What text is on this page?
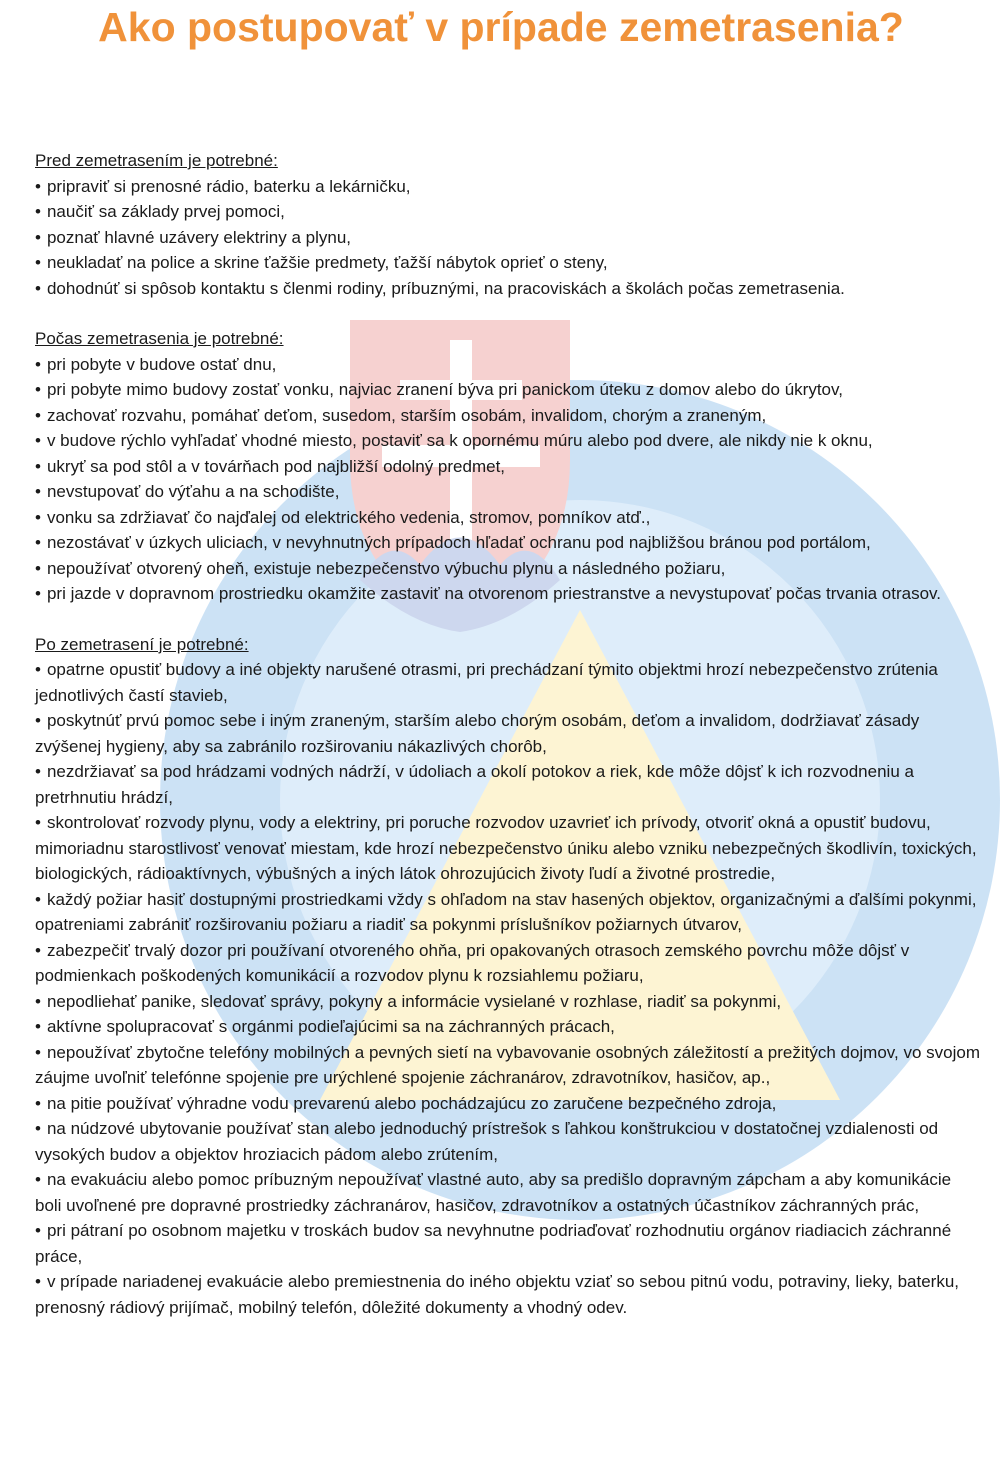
Ako postupovať v prípade zemetrasenia?

Pred zemetrasením je potrebné:

• pripraviť si prenosné rádio, baterku a lekárničku,
• naučiť sa základy prvej pomoci,
• poznať hlavné uzávery elektriny a plynu,
• neukladať na police a skrine ťažšie predmety, ťažší nábytok oprieť o steny,
• dohodnúť si spôsob kontaktu s členmi rodiny, príbuznými, na pracoviskách a školách počas zemetrasenia.

Počas zemetrasenia je potrebné:

• pri pobyte v budove ostať dnu,
• pri pobyte mimo budovy zostať vonku, najviac zranení býva pri panickom úteku z domov alebo do úkrytov,
• zachovať rozvahu, pomáhať deťom, susedom, starším osobám, invalidom, chorým a zraneným,
• v budove rýchlo vyhľadať vhodné miesto, postaviť sa k opornému múru alebo pod dvere, ale nikdy nie k oknu,
• ukryť sa pod stôl a v továrňach pod najbližší odolný predmet,
• nevstupovať do výťahu a na schodište,
• vonku sa zdržiavať čo najďalej od elektrického vedenia, stromov, pomníkov atď.,
• nezostávať v úzkych uliciach, v nevyhnutných prípadoch hľadať ochranu pod najbližšou bránou pod portálom,
• nepoužívať otvorený oheň, existuje nebezpečenstvo výbuchu plynu a následného požiaru,
• pri jazde v dopravnom prostriedku okamžite zastaviť na otvorenom priestranstve a nevystupovať počas trvania otrasov.

Po zemetrasení je potrebné:

• opatrne opustiť budovy a iné objekty narušené otrasmi, pri prechádzaní týmito objektmi hrozí nebezpečenstvo zrútenia jednotlivých častí stavieb,
• poskytnúť prvú pomoc sebe i iným zraneným, starším alebo chorým osobám, deťom a invalidom, dodržiavať zásady zvýšenej hygieny, aby sa zabránilo rozširovaniu nákazlivých chorôb,
• nezdržiavať sa pod hrádzami vodných nádrží, v údoliach a okolí potokov a riek, kde môže dôjsť k ich rozvodneniu a pretrhnutiu hrádzí,
• skontrolovať rozvody plynu, vody a elektriny, pri poruche rozvodov uzavrieť ich prívody, otvoriť okná a opustiť budovu, mimoriadnu starostlivosť venovať miestam, kde hrozí nebezpečenstvo úniku alebo vzniku nebezpečných škodlivín, toxických, biologických, rádioaktívnych, výbušných a iných látok ohrozujúcich životy ľudí a životné prostredie,
• každý požiar hasiť dostupnými prostriedkami vždy s ohľadom na stav hasených objektov, organizačnými a ďalšími pokynmi, opatreniami zabrániť rozširovaniu požiaru a riadiť sa pokynmi príslušníkov požiarnych útvarov,
• zabezpečiť trvalý dozor pri používaní otvoreného ohňa, pri opakovaných otrasoch zemského povrchu môže dôjsť v podmienkach poškodených komunikácií a rozvodov plynu k rozsiahlemu požiaru,
• nepodliehať panike, sledovať správy, pokyny a informácie vysielané v rozhlase, riadiť sa pokynmi,
• aktívne spolupracovať s orgánmi podieľajúcimi sa na záchranných prácach,
• nepoužívať zbytočne telefóny mobilných a pevných sietí na vybavovanie osobných záležitostí a prežitých dojmov, vo svojom záujme uvoľniť telefónne spojenie pre urýchlené spojenie záchranárov, zdravotníkov, hasičov, ap.,
• na pitie používať výhradne vodu prevarenú alebo pochádzajúcu zo zaručene bezpečného zdroja,
• na núdzové ubytovanie používať stan alebo jednoduchý prístrešok s ľahkou konštrukciou v dostatočnej vzdialenosti od vysokých budov a objektov hroziacich pádom alebo zrútením,
• na evakuáciu alebo pomoc príbuzným nepoužívať vlastné auto, aby sa predišlo dopravným zápcham a aby komunikácie boli uvoľnené pre dopravné prostriedky záchranárov, hasičov, zdravotníkov a ostatných účastníkov záchranných prác,
• pri pátraní po osobnom majetku v troskách budov sa nevyhnutne podriaďovať rozhodnutiu orgánov riadiacich záchranné práce,
• v prípade nariadenej evakuácie alebo premiestnenia do iného objektu vziať so sebou pitnú vodu, potraviny, lieky, baterku, prenosný rádiový prijímač, mobilný telefón, dôležité dokumenty a vhodný odev.
